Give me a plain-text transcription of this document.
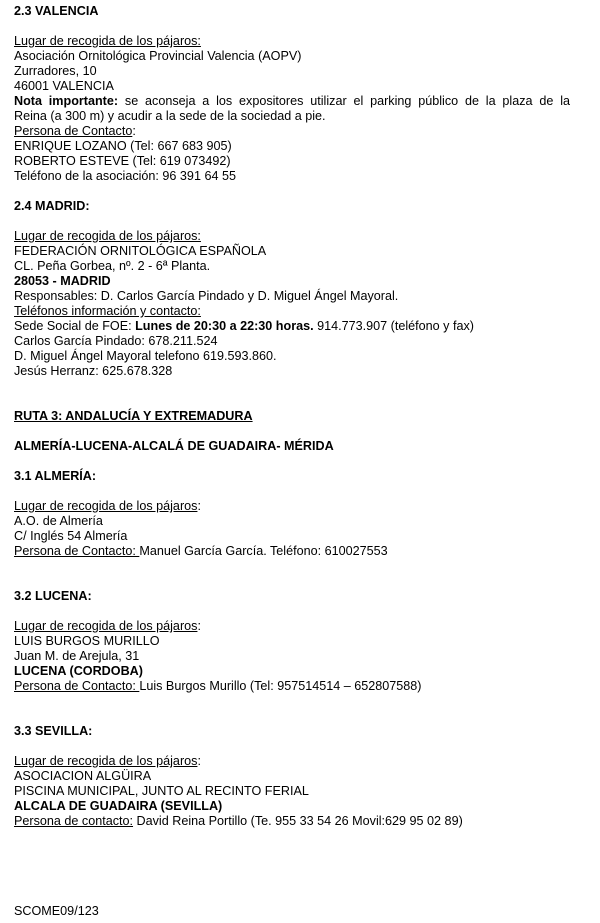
2.3 VALENCIA
Lugar de recogida de los pájaros:
Asociación Ornitológica Provincial Valencia (AOPV)
Zurradores, 10
46001 VALENCIA
Nota importante: se aconseja a los expositores utilizar el parking público de la plaza de la
Reina (a 300 m) y acudir a la sede de la sociedad a pie.
Persona de Contacto:
ENRIQUE LOZANO (Tel: 667 683 905)
ROBERTO ESTEVE (Tel: 619 073492)
Teléfono de la asociación: 96 391 64 55
2.4 MADRID:
Lugar de recogida de los pájaros:
FEDERACIÓN ORNITOLÓGICA ESPAÑOLA
CL. Peña Gorbea, nº. 2 - 6ª Planta.
28053 - MADRID
Responsables: D. Carlos García Pindado y D. Miguel Ángel Mayoral.
Teléfonos información y contacto:
Sede Social de FOE: Lunes de 20:30 a 22:30 horas. 914.773.907 (teléfono y fax)
Carlos García Pindado: 678.211.524
D. Miguel Ángel Mayoral telefono 619.593.860.
Jesús Herranz: 625.678.328
RUTA 3: ANDALUCÍA Y EXTREMADURA
ALMERÍA-LUCENA-ALCALÁ DE GUADAIRA- MÉRIDA
3.1 ALMERÍA:
Lugar de recogida de los pájaros:
A.O. de Almería
C/ Inglés 54 Almería
Persona de Contacto: Manuel García García. Teléfono: 610027553
3.2 LUCENA:
Lugar de recogida de los pájaros:
LUIS BURGOS MURILLO
Juan M. de Arejula, 31
LUCENA (CORDOBA)
Persona de Contacto: Luis Burgos Murillo (Tel: 957514514 – 652807588)
3.3 SEVILLA:
Lugar de recogida de los pájaros:
ASOCIACION ALGÜIRA
PISCINA MUNICIPAL, JUNTO AL RECINTO FERIAL
ALCALA DE GUADAIRA (SEVILLA)
Persona de contacto: David Reina Portillo (Te. 955 33 54 26 Movil:629 95 02 89)
SCOME09/123
